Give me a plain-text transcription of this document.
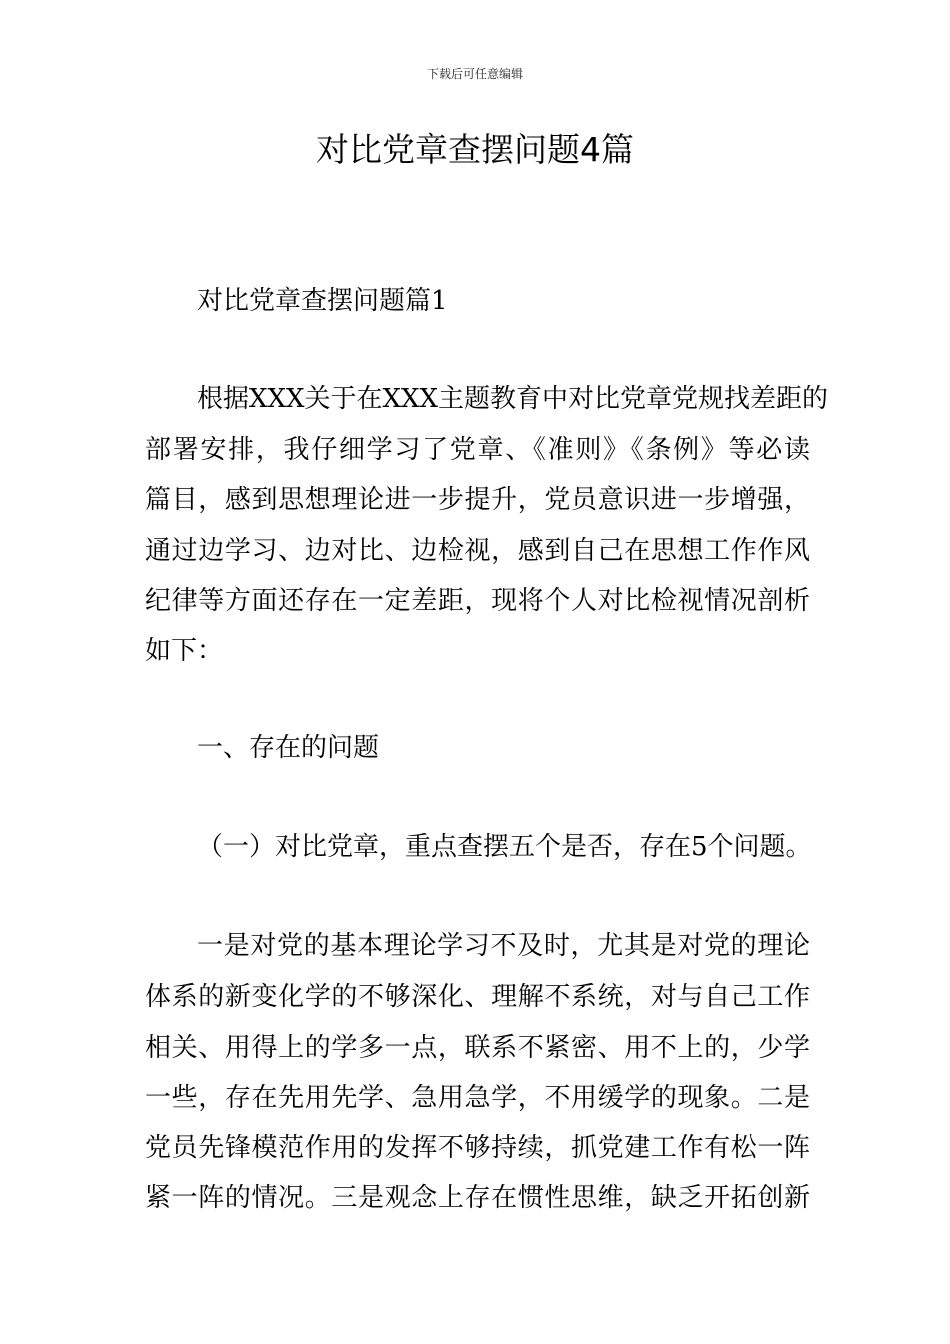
下载后可任意编辑
对比党章查摆问题4篇
对比党章查摆问题篇1
根据XXX关于在XXX主题教育中对比党章党规找差距的
部署安排，我仔细学习了党章、《准则》《条例》等必读
篇目，感到思想理论进一步提升，党员意识进一步增强，
通过边学习、边对比、边检视，感到自己在思想工作作风
纪律等方面还存在一定差距，现将个人对比检视情况剖析
如下：
一、存在的问题
（一）对比党章，重点查摆五个是否，存在5个问题。
一是对党的基本理论学习不及时，尤其是对党的理论
体系的新变化学的不够深化、理解不系统，对与自己工作
相关、用得上的学多一点，联系不紧密、用不上的，少学
一些，存在先用先学、急用急学，不用缓学的现象。二是
党员先锋模范作用的发挥不够持续，抓党建工作有松一阵
紧一阵的情况。三是观念上存在惯性思维，缺乏开拓创新
